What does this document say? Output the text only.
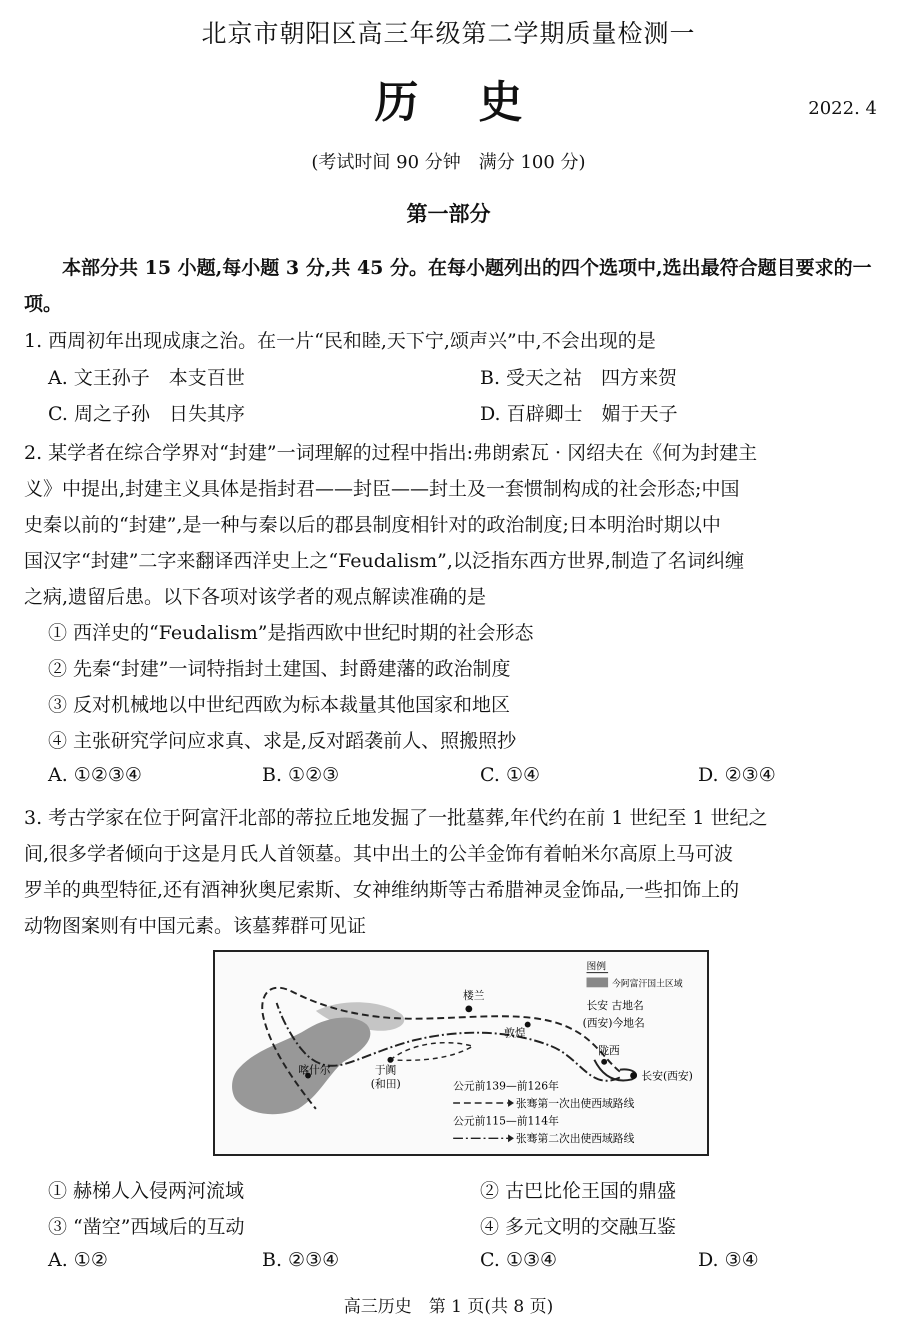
北京市朝阳区高三年级第二学期质量检测一
历史	2022. 4
(考试时间 90 分钟　满分 100 分)
第一部分
本部分共 15 小题,每小题 3 分,共 45 分。在每小题列出的四个选项中,选出最符合题目要求的一项。
1. 西周初年出现成康之治。在一片“民和睦,天下宁,颂声兴”中,不会出现的是
A. 文王孙子　本支百世	B. 受天之祜　四方来贺
C. 周之子孙　日失其序	D. 百辟卿士　媚于天子
2. 某学者在综合学界对“封建”一词理解的过程中指出:弗朗索瓦 · 冈绍夫在《何为封建主
义》中提出,封建主义具体是指封君——封臣——封土及一套惯制构成的社会形态;中国
史秦以前的“封建”,是一种与秦以后的郡县制度相针对的政治制度;日本明治时期以中
国汉字“封建”二字来翻译西洋史上之“Feudalism”,以泛指东西方世界,制造了名词纠缠
之病,遗留后患。以下各项对该学者的观点解读准确的是
① 西洋史的“Feudalism”是指西欧中世纪时期的社会形态
② 先秦“封建”一词特指封土建国、封爵建藩的政治制度
③ 反对机械地以中世纪西欧为标本裁量其他国家和地区
④ 主张研究学问应求真、求是,反对蹈袭前人、照搬照抄
A. ①②③④	B. ①②③	C. ①④	D. ②③④
3. 考古学家在位于阿富汗北部的蒂拉丘地发掘了一批墓葬,年代约在前 1 世纪至 1 世纪之
间,很多学者倾向于这是月氏人首领墓。其中出土的公羊金饰有着帕米尔高原上马可波
罗羊的典型特征,还有酒神狄奥尼索斯、女神维纳斯等古希腊神灵金饰品,一些扣饰上的
动物图案则有中国元素。该墓葬群可见证
楼兰
敦煌
陇西
长安(西安)
于阗
(和田)
喀什尔
图例
今阿富汗国土区域
长安 古地名
(西安)今地名
公元前139—前126年
张骞第一次出使西域路线
公元前115—前114年
张骞第二次出使西域路线
① 赫梯人入侵两河流域	② 古巴比伦王国的鼎盛
③ “凿空”西域后的互动	④ 多元文明的交融互鉴
A. ①②	B. ②③④	C. ①③④	D. ③④
高三历史　第 1 页(共 8 页)
